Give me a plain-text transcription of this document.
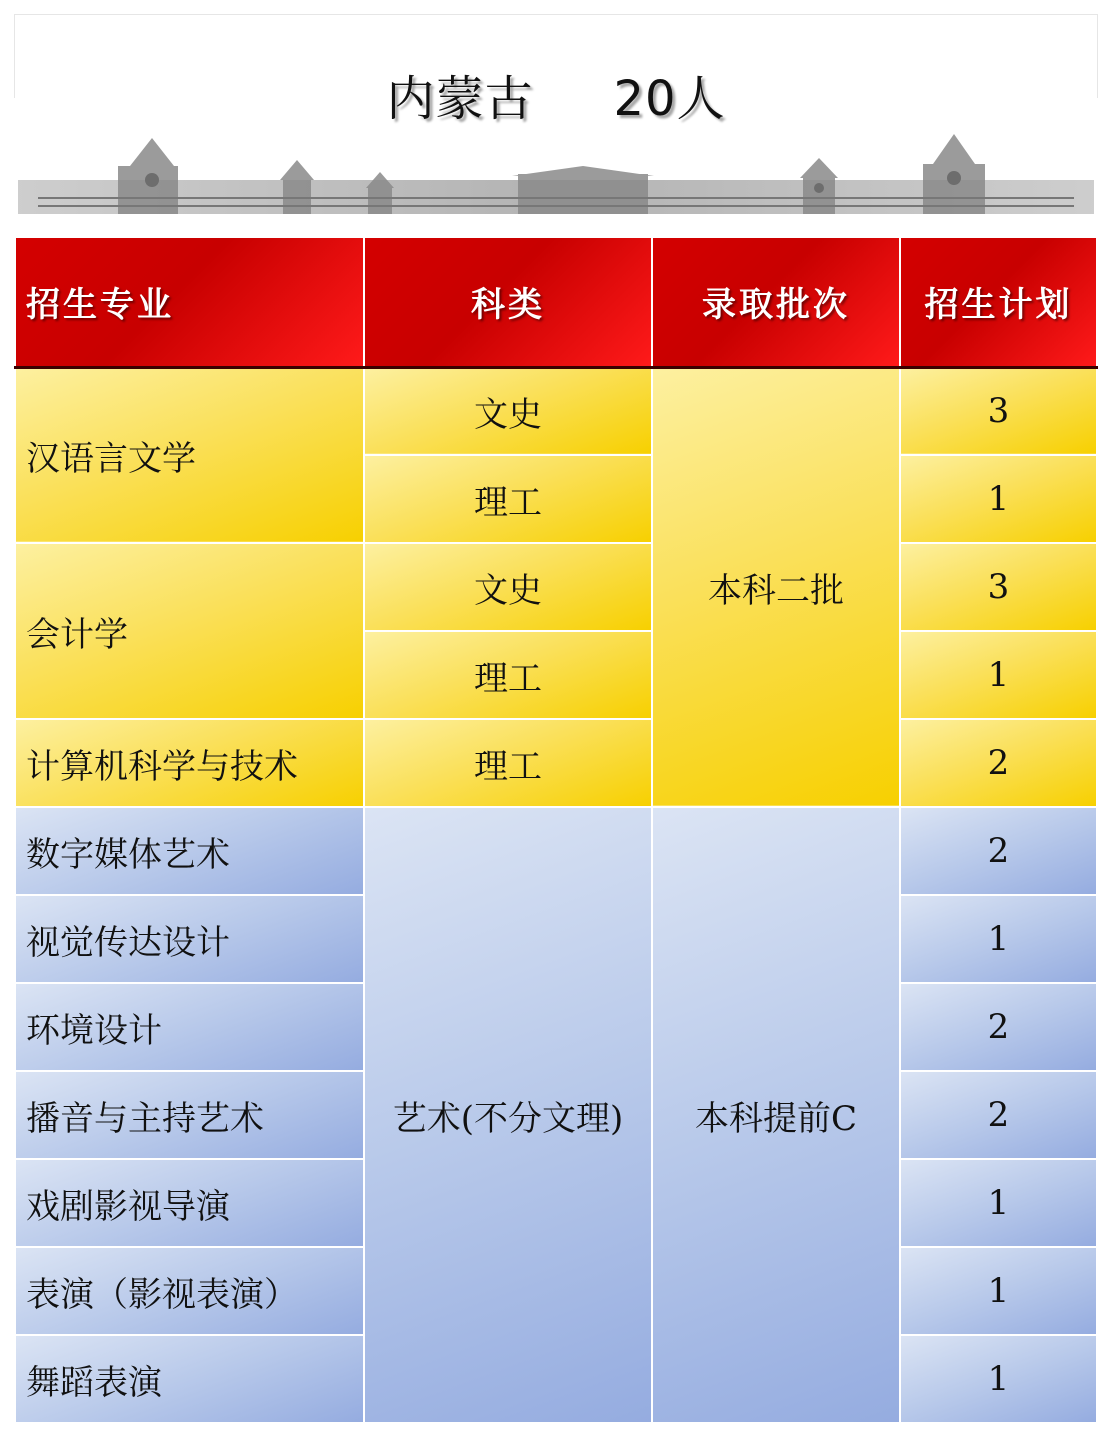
内蒙古 20人
招生专业	科类	录取批次	招生计划
汉语言文学	文史	本科二批	3
	理工		1
会计学	文史		3
	理工		1
计算机科学与技术	理工		2
数字媒体艺术	艺术(不分文理)	本科提前C	2
视觉传达设计			1
环境设计			2
播音与主持艺术			2
戏剧影视导演			1
表演（影视表演）			1
舞蹈表演			1
